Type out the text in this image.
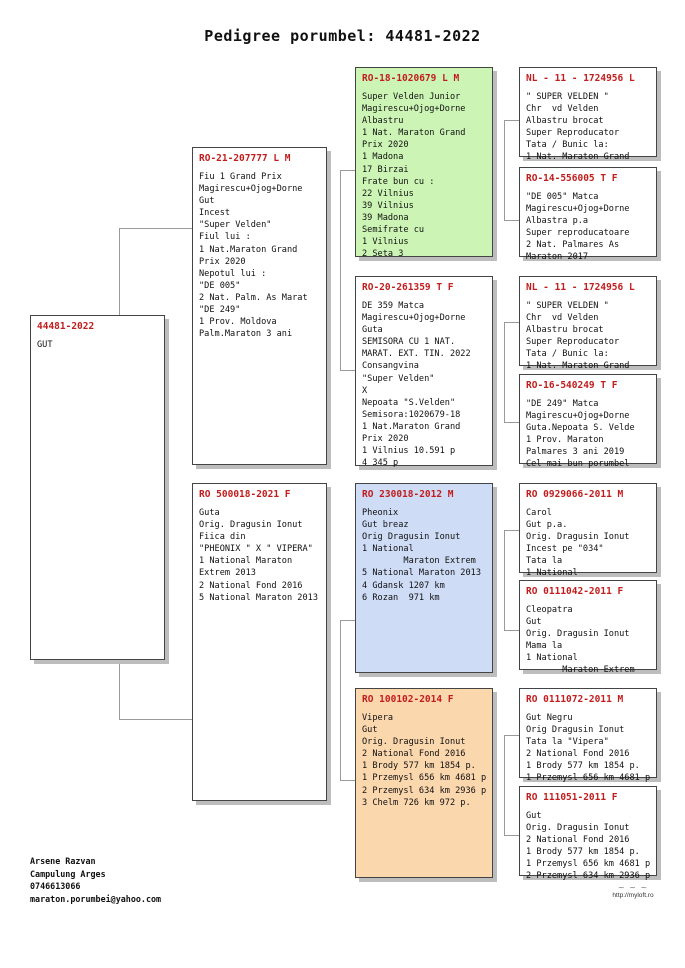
Pedigree porumbel: 44481-2022
44481-2022
GUT
RO-21-207777 L M
Fiu 1 Grand Prix
Magirescu+Ojog+Dorne
Gut
Incest
"Super Velden"
Fiul lui :
1 Nat.Maraton Grand
Prix 2020
Nepotul lui :
"DE 005"
2 Nat. Palm. As Marat
"DE 249"
1 Prov. Moldova
Palm.Maraton 3 ani
RO 500018-2021 F
Guta
Orig. Dragusin Ionut
Fiica din
"PHEONIX " X " VIPERA"
1 National Maraton
Extrem 2013
2 National Fond 2016
5 National Maraton 2013
RO-18-1020679 L M
Super Velden Junior
Magirescu+Ojog+Dorne
Albastru
1 Nat. Maraton Grand
Prix 2020
1 Madona
17 Birzai
Frate bun cu :
22 Vilnius
39 Vilnius
39 Madona
Semifrate cu
1 Vilnius
2 Seta 3
RO-20-261359 T F
DE 359 Matca
Magirescu+Ojog+Dorne
Guta
SEMISORA CU 1 NAT.
MARAT. EXT. TIN. 2022
Consangvina
"Super Velden"
X
Nepoata "S.Velden"
Semisora:1020679-18
1 Nat.Maraton Grand
Prix 2020
1 Vilnius 10.591 p
4 345 p
RO 230018-2012 M
Pheonix
Gut breaz
Orig Dragusin Ionut
1 National
Maraton Extrem
5 National Maraton 2013
4 Gdansk 1207 km
6 Rozan  971 km
RO 100102-2014 F
Vipera
Gut
Orig. Dragusin Ionut
2 National Fond 2016
1 Brody 577 km 1854 p.
1 Przemysl 656 km 4681 p
2 Przemysl 634 km 2936 p
3 Chelm 726 km 972 p.
NL - 11 - 1724956 L
" SUPER VELDEN "
Chr  vd Velden
Albastru brocat
Super Reproducator
Tata / Bunic la:
1 Nat. Maraton Grand
RO-14-556005 T F
"DE 005" Matca
Magirescu+Ojog+Dorne
Albastra p.a
Super reproducatoare
2 Nat. Palmares As
Maraton 2017
NL - 11 - 1724956 L
" SUPER VELDEN "
Chr  vd Velden
Albastru brocat
Super Reproducator
Tata / Bunic la:
1 Nat. Maraton Grand
RO-16-540249 T F
"DE 249" Matca
Magirescu+Ojog+Dorne
Guta.Nepoata S. Velde
1 Prov. Maraton
Palmares 3 ani 2019
Cel mai bun porumbel
RO 0929066-2011 M
Carol
Gut p.a.
Orig. Dragusin Ionut
Incest pe "034"
Tata la
1 National
RO 0111042-2011 F
Cleopatra
Gut
Orig. Dragusin Ionut
Mama la
1 National
Maraton Extrem
RO 0111072-2011 M
Gut Negru
Orig Dragusin Ionut
Tata la "Vipera"
2 National Fond 2016
1 Brody 577 km 1854 p.
1 Przemysl 656 km 4681 p
RO 111051-2011 F
Gut
Orig. Dragusin Ionut
2 National Fond 2016
1 Brody 577 km 1854 p.
1 Przemysl 656 km 4681 p
2 Przemysl 634 km 2936 p
Arsene Razvan
Campulung Arges
0746613066
maraton.porumbei@yahoo.com
~ ~ ~
http://myloft.ro
